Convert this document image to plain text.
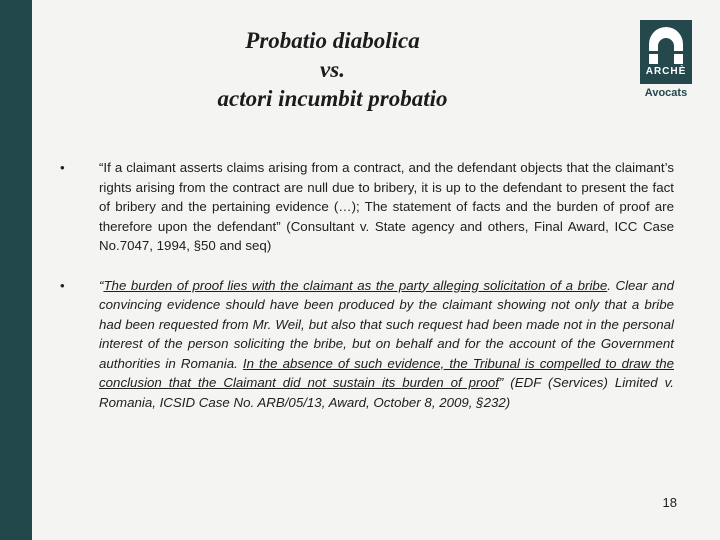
Probatio diabolica
vs.
actori incumbit probatio
ARCHÈ
Avocats
•	“If a claimant asserts claims arising from a contract, and the defendant objects that the claimant’s rights arising from the contract are null due to bribery, it is up to the defendant to present the fact of bribery and the pertaining evidence (…); The statement of facts and the burden of proof are therefore upon the defendant” (Consultant v. State agency and others, Final Award, ICC Case No.7047, 1994, §50 and seq)
•	“The burden of proof lies with the claimant as the party alleging solicitation of a bribe. Clear and convincing evidence should have been produced by the claimant showing not only that a bribe had been requested from Mr. Weil, but also that such request had been made not in the personal interest of the person soliciting the bribe, but on behalf and for the account of the Government authorities in Romania. In the absence of such evidence, the Tribunal is compelled to draw the conclusion that the Claimant did not sustain its burden of proof” (EDF (Services) Limited v. Romania, ICSID Case No. ARB/05/13, Award, October 8, 2009, §232)
18
